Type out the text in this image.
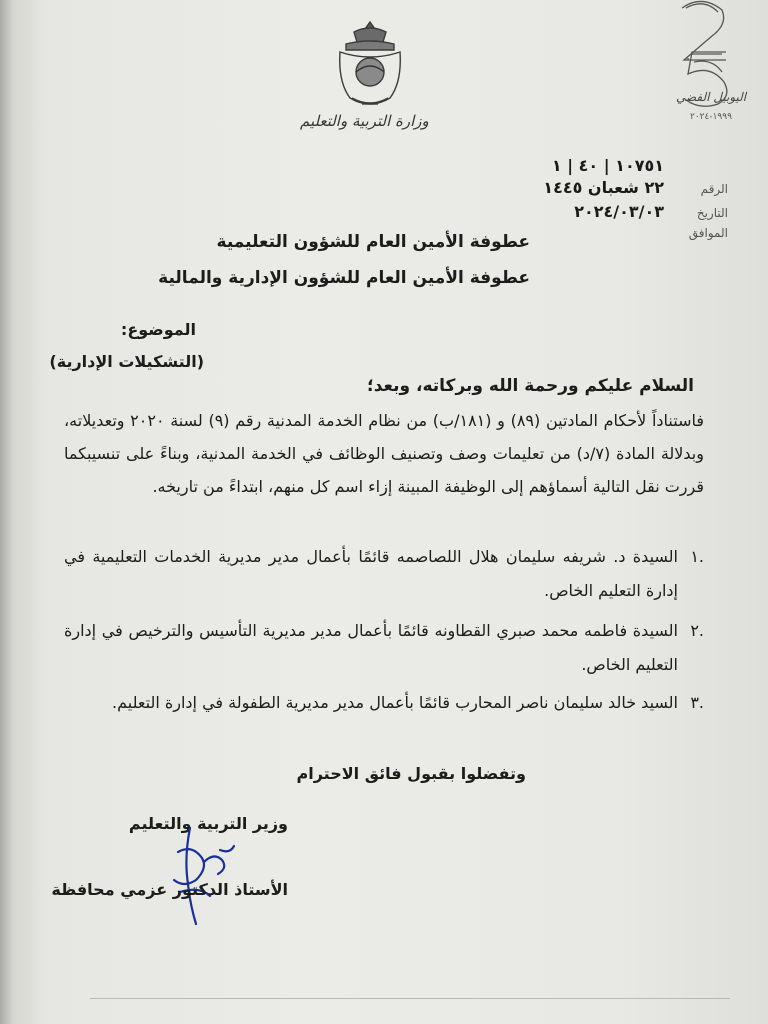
وزارة التربية والتعليم
اليوبيل الفضي
١٩٩٩-٢٠٢٤
١٠٧٥١ | ٤٠ | ١
الرقم
٢٢ شعبان ١٤٤٥
التاريخ
٢٠٢٤/٠٣/٠٣
الموافق
عطوفة الأمين العام للشؤون التعليمية
عطوفة الأمين العام للشؤون الإدارية والمالية
الموضوع:
(التشكيلات الإدارية)
السلام عليكم ورحمة الله وبركاته، وبعد؛
فاستناداً لأحكام المادتين (٨٩) و (١٨١/ب) من نظام الخدمة المدنية رقم (٩) لسنة ٢٠٢٠ وتعديلاته، وبدلالة المادة (٧/د) من تعليمات وصف وتصنيف الوظائف في الخدمة المدنية، وبناءً على تنسيبكما قررت نقل التالية أسماؤهم إلى الوظيفة المبينة إزاء اسم كل منهم، ابتداءً من تاريخه.
.١
السيدة د. شريفه سليمان هلال اللصاصمه قائمًا بأعمال مدير مديرية الخدمات التعليمية في إدارة التعليم الخاص.
.٢
السيدة فاطمه محمد صبري القطاونه قائمًا بأعمال مدير مديرية التأسيس والترخيص في إدارة التعليم الخاص.
.٣
السيد خالد سليمان ناصر المحارب قائمًا بأعمال مدير مديرية الطفولة في إدارة التعليم.
وتفضلوا بقبول فائق الاحترام
وزير التربية والتعليم
الأستاذ الدكتور عزمي محافظة
